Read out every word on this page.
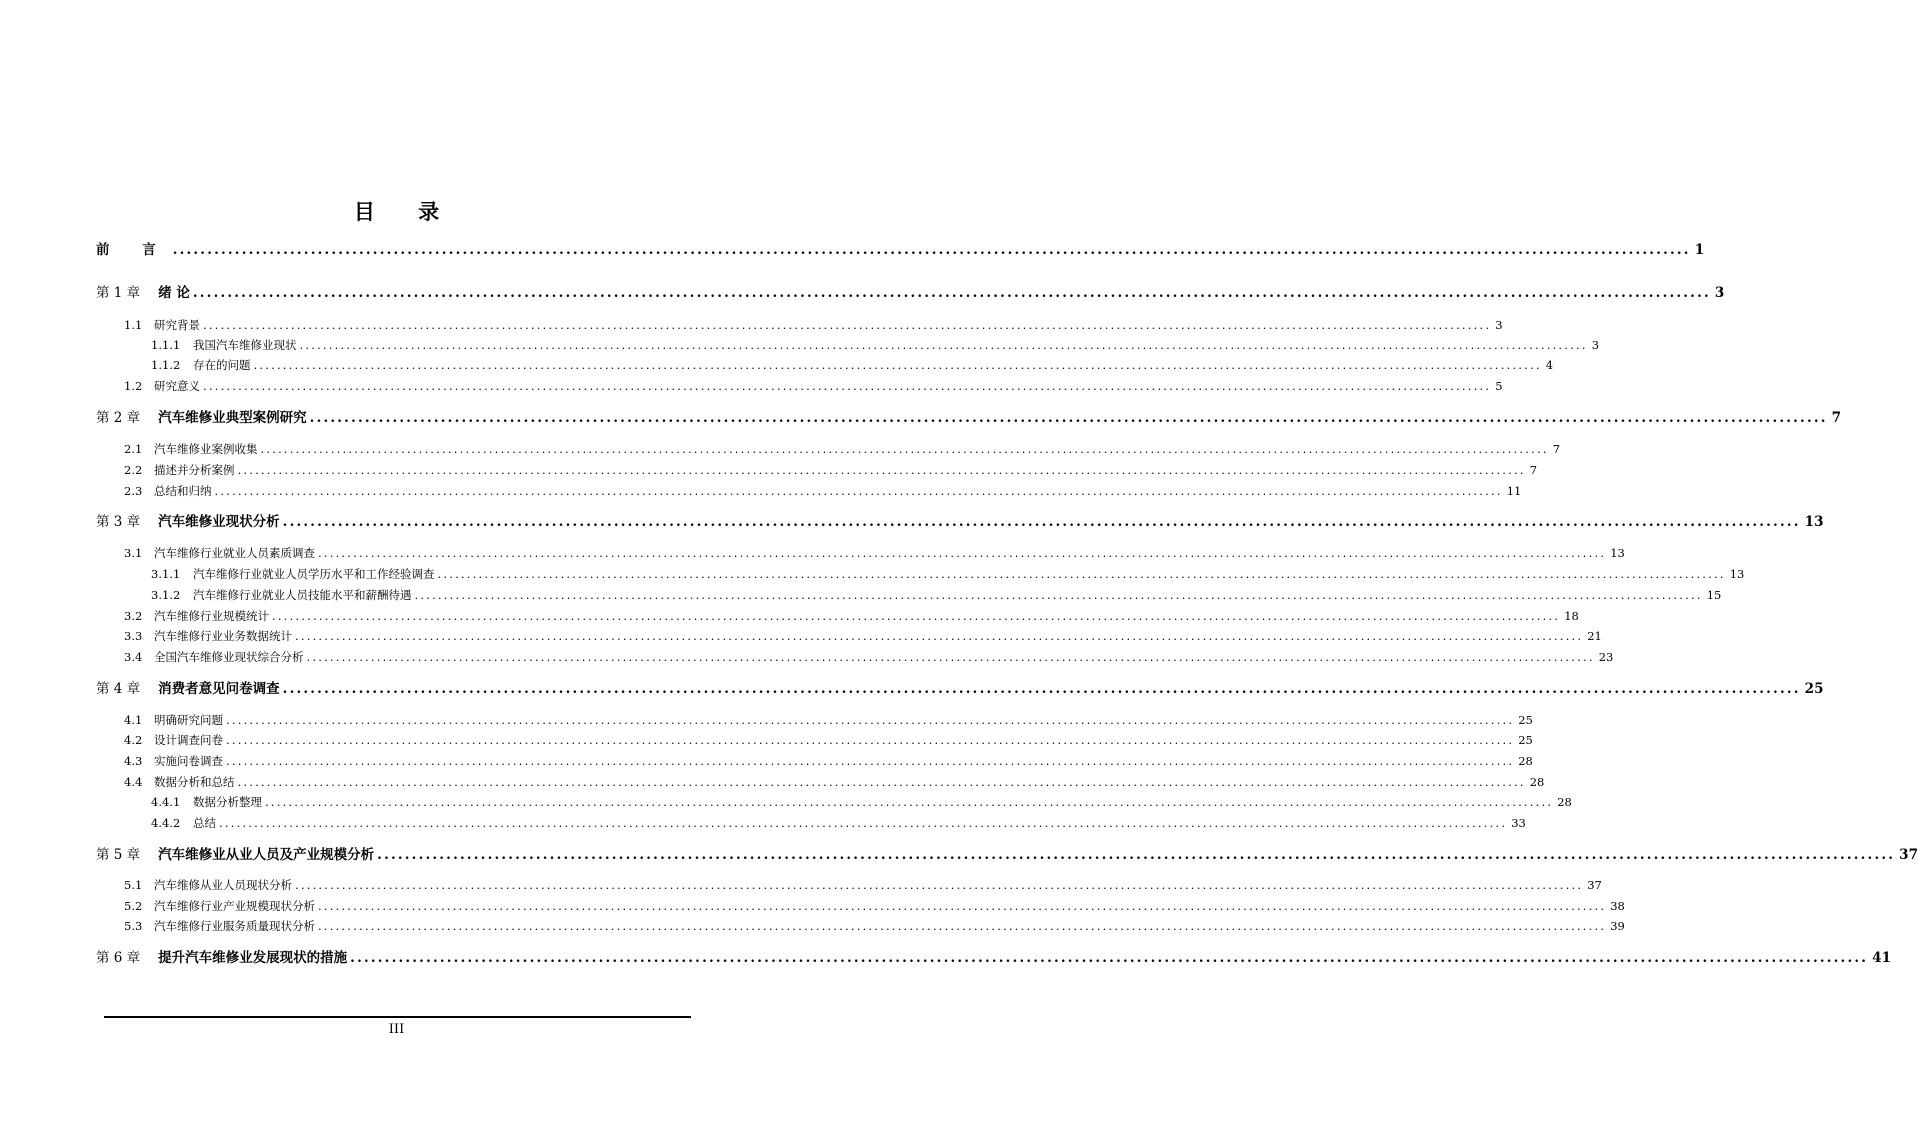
目 录
前 言 ............................................................................................................................................................................................................................ 1
第 1 章 绪 论 ............................................................................................................................................................................................................................ 3
1.1 研究背景 ............................................................................................................................................................................................................................ 3
1.1.1 我国汽车维修业现状 ............................................................................................................................................................................................................................ 3
1.1.2 存在的问题 ............................................................................................................................................................................................................................ 4
1.2 研究意义 ............................................................................................................................................................................................................................ 5
第 2 章 汽车维修业典型案例研究 ............................................................................................................................................................................................................................ 7
2.1 汽车维修业案例收集 ............................................................................................................................................................................................................................ 7
2.2 描述并分析案例 ............................................................................................................................................................................................................................ 7
2.3 总结和归纳 ............................................................................................................................................................................................................................ 11
第 3 章 汽车维修业现状分析 ............................................................................................................................................................................................................................ 13
3.1 汽车维修行业就业人员素质调查 ............................................................................................................................................................................................................................ 13
3.1.1 汽车维修行业就业人员学历水平和工作经验调查 ............................................................................................................................................................................................................................ 13
3.1.2 汽车维修行业就业人员技能水平和薪酬待遇 ............................................................................................................................................................................................................................ 15
3.2 汽车维修行业规模统计 ............................................................................................................................................................................................................................ 18
3.3 汽车维修行业业务数据统计 ............................................................................................................................................................................................................................ 21
3.4 全国汽车维修业现状综合分析 ............................................................................................................................................................................................................................ 23
第 4 章 消费者意见问卷调查 ............................................................................................................................................................................................................................ 25
4.1 明确研究问题 ............................................................................................................................................................................................................................ 25
4.2 设计调查问卷 ............................................................................................................................................................................................................................ 25
4.3 实施问卷调查 ............................................................................................................................................................................................................................ 28
4.4 数据分析和总结 ............................................................................................................................................................................................................................ 28
4.4.1 数据分析整理 ............................................................................................................................................................................................................................ 28
4.4.2 总结 ............................................................................................................................................................................................................................ 33
第 5 章 汽车维修业从业人员及产业规模分析 ............................................................................................................................................................................................................................ 37
5.1 汽车维修从业人员现状分析 ............................................................................................................................................................................................................................ 37
5.2 汽车维修行业产业规模现状分析 ............................................................................................................................................................................................................................ 38
5.3 汽车维修行业服务质量现状分析 ............................................................................................................................................................................................................................ 39
第 6 章 提升汽车维修业发展现状的措施 ............................................................................................................................................................................................................................ 41
III
